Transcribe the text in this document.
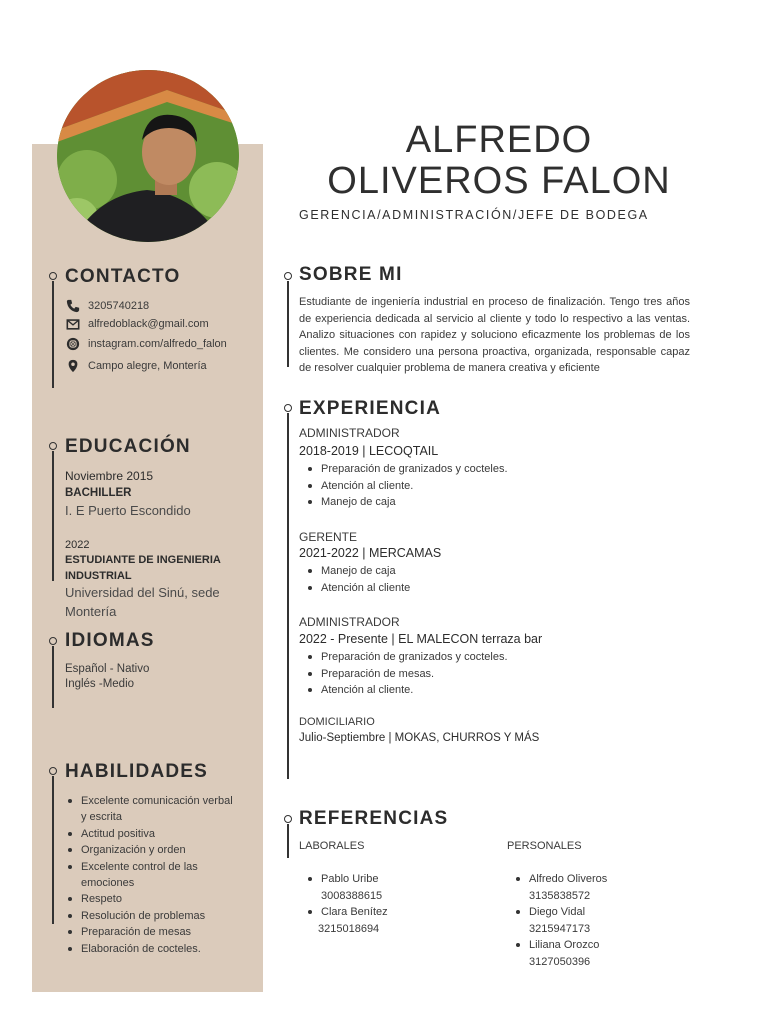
ALFREDO
OLIVEROS FALON
GERENCIA/ADMINISTRACIÓN/JEFE DE BODEGA
CONTACTO
3205740218
alfredoblack@gmail.com
instagram.com/alfredo_falon
Campo alegre, Montería
EDUCACIÓN
Noviembre 2015
BACHILLER
I. E Puerto Escondido
2022
ESTUDIANTE DE INGENIERIA
INDUSTRIAL
Universidad del Sinú, sede
Montería
IDIOMAS
Español - Nativo
Inglés -Medio
HABILIDADES
Excelente comunicación verbal y escrita
Actitud positiva
Organización y orden
Excelente control de las emociones
Respeto
Resolución de problemas
Preparación de mesas
Elaboración de cocteles.
SOBRE MI
Estudiante de ingeniería industrial en proceso de finalización. Tengo tres años de experiencia dedicada al servicio al cliente y todo lo respectivo a las ventas. Analizo situaciones con rapidez y soluciono eficazmente los problemas de los clientes. Me considero una persona proactiva, organizada, responsable capaz de resolver cualquier problema de manera creativa y eficiente
EXPERIENCIA
ADMINISTRADOR
2018-2019 | LECOQTAIL
Preparación de granizados y cocteles.
Atención al cliente.
Manejo de caja
GERENTE
2021-2022 | MERCAMAS
Manejo de caja
Atención al cliente
ADMINISTRADOR
2022 - Presente | EL MALECON terraza bar
Preparación de granizados y cocteles.
Preparación de mesas.
Atención al cliente.
DOMICILIARIO
Julio-Septiembre | MOKAS, CHURROS Y MÁS
REFERENCIAS
LABORALES	PERSONALES
Pablo Uribe
3008388615
Clara Benítez
3215018694
Alfredo Oliveros
3135838572
Diego Vidal
3215947173
Liliana Orozco
3127050396
